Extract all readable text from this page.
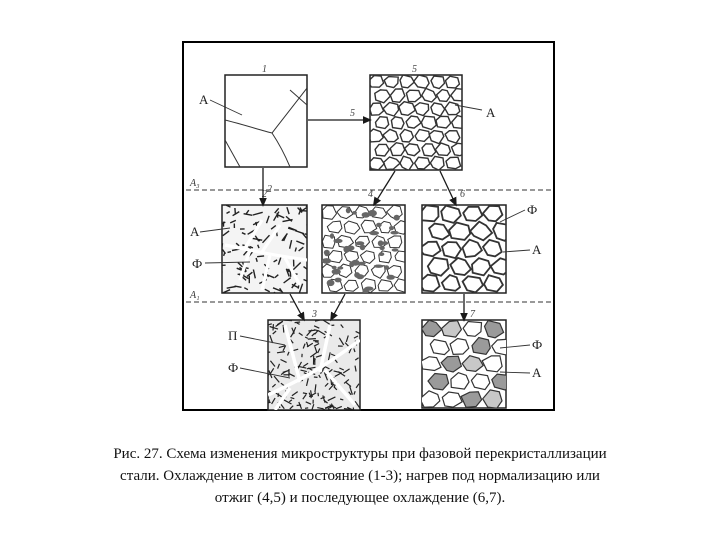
A₃
A₁
1	5
2	4	6
3	7
2
5
А
А
А
Ф
Ф
А
П
Ф
Ф
А
Рис. 27. Схема изменения микроструктуры при фазовой перекристаллизации
стали. Охлаждение в литом состояние (1-3); нагрев под нормализацию или
отжиг (4,5) и последующее охлаждение (6,7).
